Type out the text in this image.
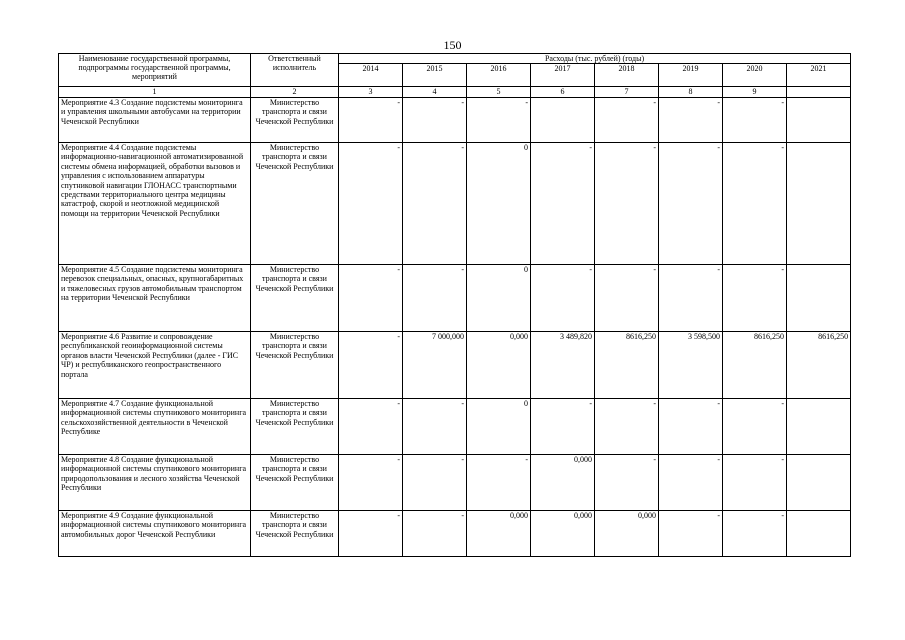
150
Наименование государственной программы, подпрограммы государственной программы, мероприятий	Ответственный исполнитель	Расходы (тыс. рублей) (годы)							
		2014	2015	2016	2017	2018	2019	2020	2021
1	2	3	4	5	6	7	8	9	
Мероприятие 4.3 Создание подсистемы мониторинга и управления школьными автобусами на территории Чеченской Республики	Министерство транспорта и связи Чеченской Республики	-	-	-		-	-	-	
Мероприятие 4.4 Создание подсистемы информационно-навигационной автоматизированной системы обмена информацией, обработки вызовов и управления с использованием аппаратуры спутниковой навигации ГЛОНАСС транспортными средствами территориального центра медицины катастроф, скорой и неотложной медицинской помощи на территории Чеченской Республики	Министерство транспорта и связи Чеченской Республики	-	-	0	-	-	-	-	
Мероприятие 4.5 Создание подсистемы мониторинга перевозок специальных, опасных, крупногабаритных и тяжеловесных грузов автомобильным транспортом на территории Чеченской Республики	Министерство транспорта и связи Чеченской Республики	-	-	0	-	-	-	-	
Мероприятие 4.6 Развитие и сопровождение республиканской геоинформационной системы органов власти Чеченской Республики (далее - ГИС ЧР) и республиканского геопространственного портала	Министерство транспорта и связи Чеченской Республики	-	7 000,000	0,000	3 489,820	8616,250	3 598,500	8616,250	8616,250
Мероприятие 4.7 Создание функциональной информационной системы спутникового мониторинга сельскохозяйственной деятельности в Чеченской Республике	Министерство транспорта и связи Чеченской Республики	-	-	0	-	-	-	-	
Мероприятие 4.8 Создание функциональной информационной системы спутникового мониторинга природопользования и лесного хозяйства Чеченской Республики	Министерство транспорта и связи Чеченской Республики	-	-	-	0,000	-	-	-	
Мероприятие 4.9 Создание функциональной информационной системы спутникового мониторинга автомобильных дорог Чеченской Республики	Министерство транспорта и связи Чеченской Республики	-	-	0,000	0,000	0,000	-	-	
